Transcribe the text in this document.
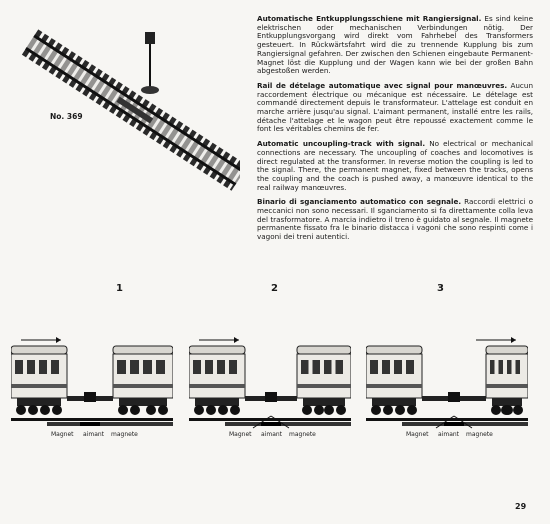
No. 369

Automatische Entkupplungsschiene mit Rangiersignal. Es sind keine elektrischen oder mechanischen Verbindungen nötig. Der Entkupplungsvorgang wird direkt vom Fahrhebel des Transformers gesteuert. In Rückwärtsfahrt wird die zu trennende Kupplung bis zum Rangiersignal gefahren. Der zwischen den Schienen eingebaute Permanent-Magnet löst die Kupplung und der Wagen kann wie bei der großen Bahn abgestoßen werden.

Rail de dételage automatique avec signal pour manœuvres. Aucun raccordement électrique ou mécanique est nécessaire. Le dételage est commandé directement depuis le transformateur. L'attelage est conduit en marche arrière jusqu'au signal. L'aimant permanent, installé entre les rails, détache l'attelage et le wagon peut être repoussé exactement comme le font les véritables chemins de fer.

Automatic uncoupling-track with signal. No electrical or mechanical connections are necessary. The uncoupling of coaches and locomotives is direct regulated at the transformer. In reverse motion the coupling is led to the signal. There, the permanent magnet, fixed between the tracks, opens the coupling and the coach is pushed away, a manœuvre identical to the real railway manœuvres.

Binario di sganciamento automatico con segnale. Raccordi elettrici o meccanici non sono necessari. Il sganciamento si fa direttamente colla leva del trasformatore. A marcia indietro il treno è guidato al segnale. Il magnete permanente fissato fra le binario distacca i vagoni che sono respinti come i vagoni dei treni autentici.

1	2	3
Magnet aimant magnete	Magnet aimant magnete	Magnet aimant magnete
29
